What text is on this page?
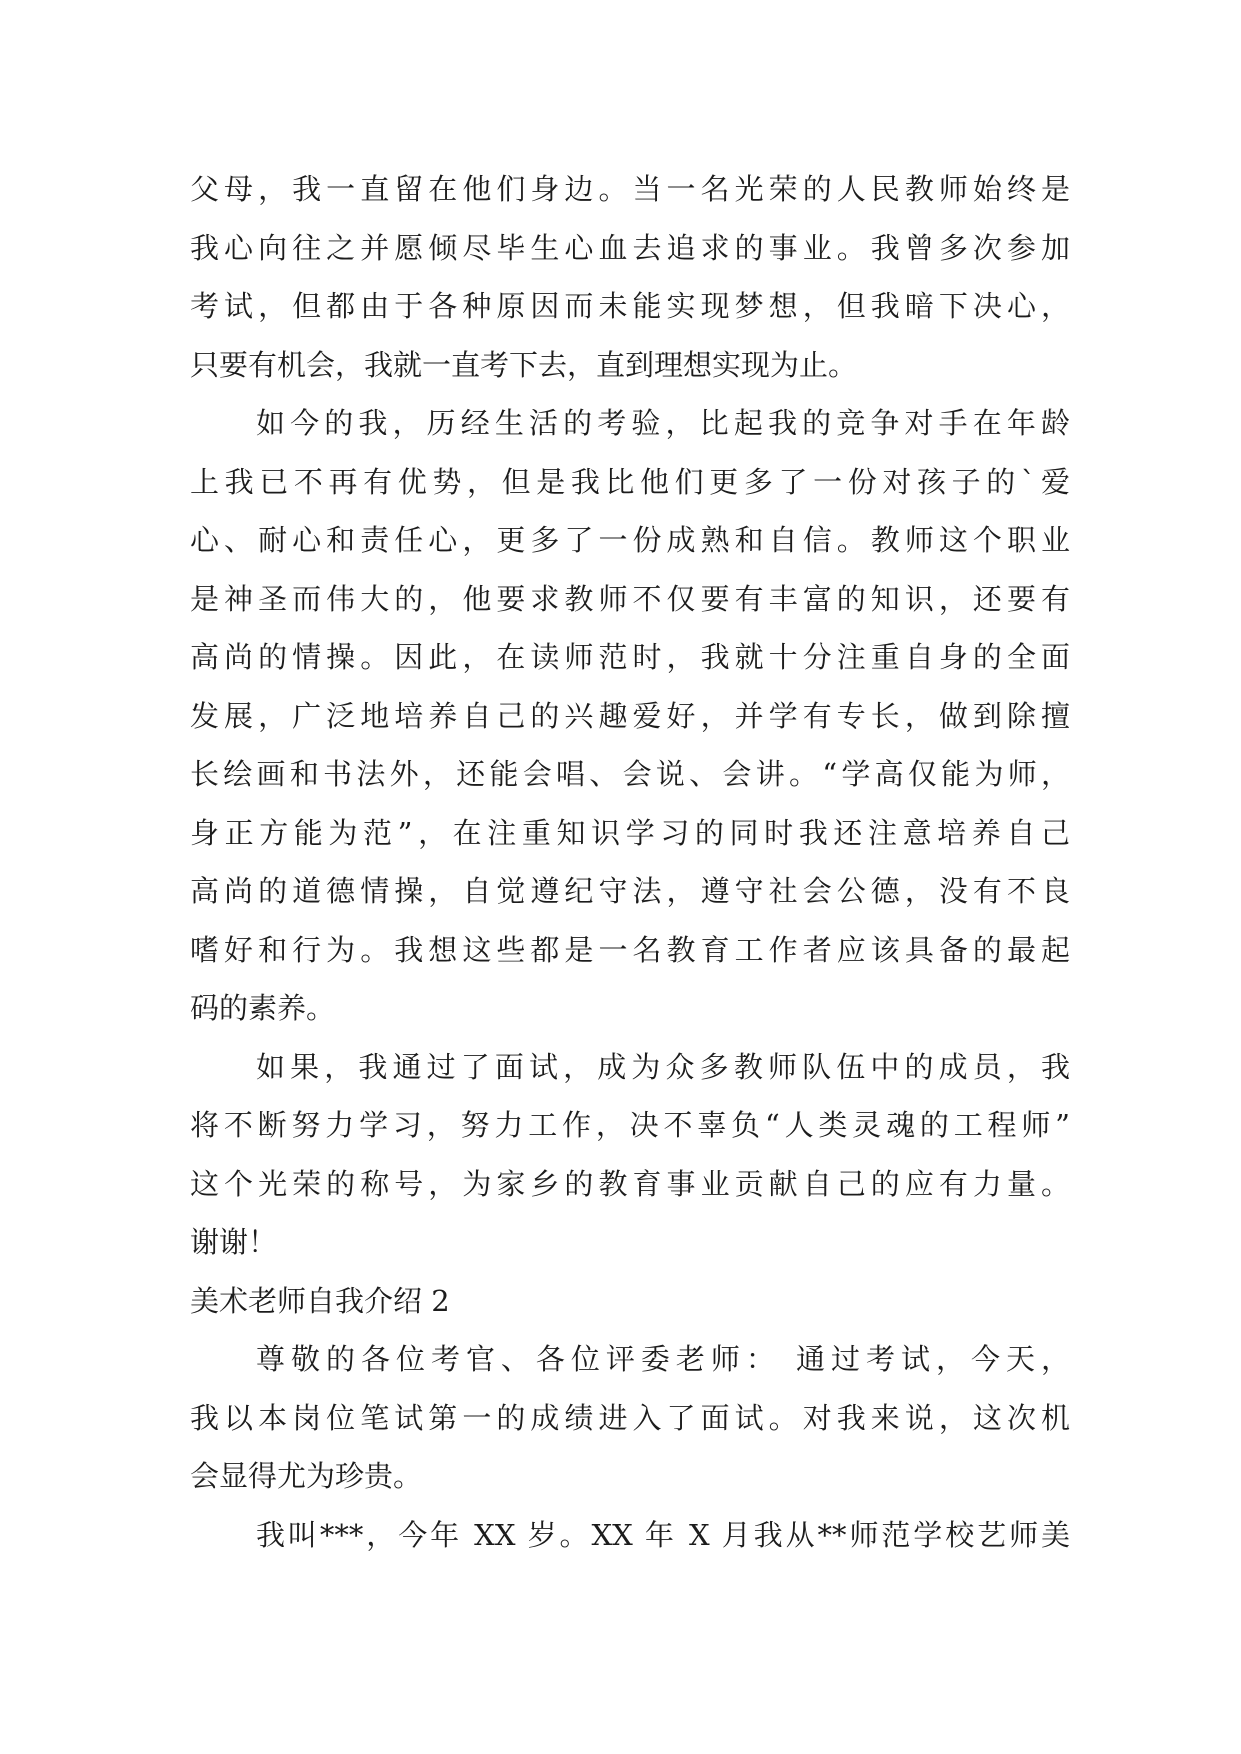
父母，我一直留在他们身边。当一名光荣的人民教师始终是
我心向往之并愿倾尽毕生心血去追求的事业。我曾多次参加
考试，但都由于各种原因而未能实现梦想，但我暗下决心，
只要有机会，我就一直考下去，直到理想实现为止。
如今的我，历经生活的考验，比起我的竞争对手在年龄
上我已不再有优势，但是我比他们更多了一份对孩子的`爱
心、耐心和责任心，更多了一份成熟和自信。教师这个职业
是神圣而伟大的，他要求教师不仅要有丰富的知识，还要有
高尚的情操。因此，在读师范时，我就十分注重自身的全面
发展，广泛地培养自己的兴趣爱好，并学有专长，做到除擅
长绘画和书法外，还能会唱、会说、会讲。“学高仅能为师，
身正方能为范”，在注重知识学习的同时我还注意培养自己
高尚的道德情操，自觉遵纪守法，遵守社会公德，没有不良
嗜好和行为。我想这些都是一名教育工作者应该具备的最起
码的素养。
如果，我通过了面试，成为众多教师队伍中的成员，我
将不断努力学习，努力工作，决不辜负“人类灵魂的工程师”
这个光荣的称号，为家乡的教育事业贡献自己的应有力量。
谢谢！
美术老师自我介绍 2
尊敬的各位考官、各位评委老师： 通过考试，今天，
我以本岗位笔试第一的成绩进入了面试。对我来说，这次机
会显得尤为珍贵。
我叫***，今年 XX 岁。XX 年 X 月我从**师范学校艺师美
